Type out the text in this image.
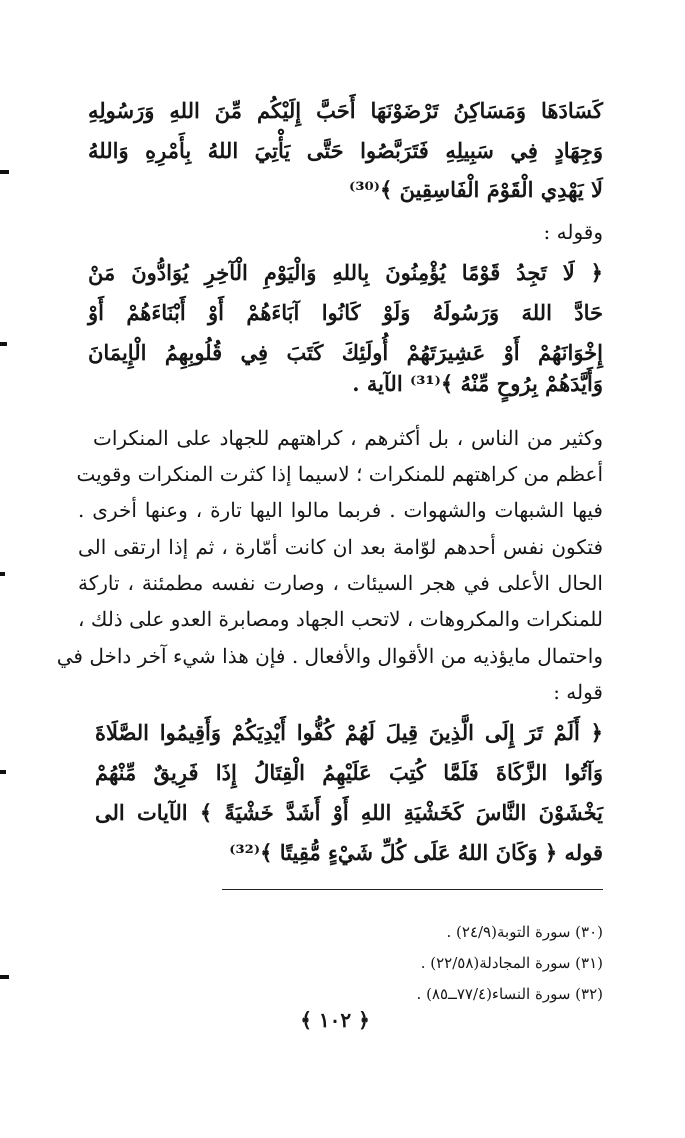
كَسَادَهَا وَمَسَاكِنُ تَرْضَوْنَهَا أَحَبَّ إِلَيْكُم مِّنَ اللهِ وَرَسُولِهِ
وَجِهَادٍ فِي سَبِيلِهِ فَتَرَبَّصُوا حَتَّى يَأْتِيَ اللهُ بِأَمْرِهِ وَاللهُ
لَا يَهْدِي الْقَوْمَ الْفَاسِقِينَ ﴾⁽³⁰⁾
وقوله :
﴿ لَا تَجِدُ قَوْمًا يُؤْمِنُونَ بِاللهِ وَالْيَوْمِ الْآخِرِ يُوَادُّونَ مَنْ
حَادَّ اللهَ وَرَسُولَهُ وَلَوْ كَانُوا آبَاءَهُمْ أَوْ أَبْنَاءَهُمْ أَوْ
إِخْوَانَهُمْ أَوْ عَشِيرَتَهُمْ أُولَئِكَ كَتَبَ فِي قُلُوبِهِمُ الْإِيمَانَ
وَأَيَّدَهُمْ بِرُوحٍ مِّنْهُ ﴾⁽³¹⁾ الآية .
وكثير من الناس ، بل أكثرهم ، كراهتهم للجهاد على المنكرات
أعظم من كراهتهم للمنكرات ؛ لاسيما إذا كثرت المنكرات وقويت
فيها الشبهات والشهوات . فربما مالوا اليها تارة ، وعنها أخرى .
فتكون نفس أحدهم لوّامة بعد ان كانت أمّارة ، ثم إذا ارتقى الى
الحال الأعلى في هجر السيئات ، وصارت نفسه مطمئنة ، تاركة
للمنكرات والمكروهات ، لاتحب الجهاد ومصابرة العدو على ذلك ،
واحتمال مايؤذيه من الأقوال والأفعال . فإن هذا شيء آخر داخل في
قوله :
﴿ أَلَمْ تَرَ إِلَى الَّذِينَ قِيلَ لَهُمْ كُفُّوا أَيْدِيَكُمْ وَأَقِيمُوا الصَّلَاةَ
وَآتُوا الزَّكَاةَ فَلَمَّا كُتِبَ عَلَيْهِمُ الْقِتَالُ إِذَا فَرِيقٌ مِّنْهُمْ
يَخْشَوْنَ النَّاسَ كَخَشْيَةِ اللهِ أَوْ أَشَدَّ خَشْيَةً ﴾ الآيات الى
قوله ﴿ وَكَانَ اللهُ عَلَى كُلِّ شَيْءٍ مُّقِيتًا ﴾⁽³²⁾
(٣٠) سورة التوبة(٢٤/٩) .
(٣١) سورة المجادلة(٢٢/٥٨) .
(٣٢) سورة النساء(٧٧/٤ــ٨٥) .
﴿ ١٠٢ ﴾
